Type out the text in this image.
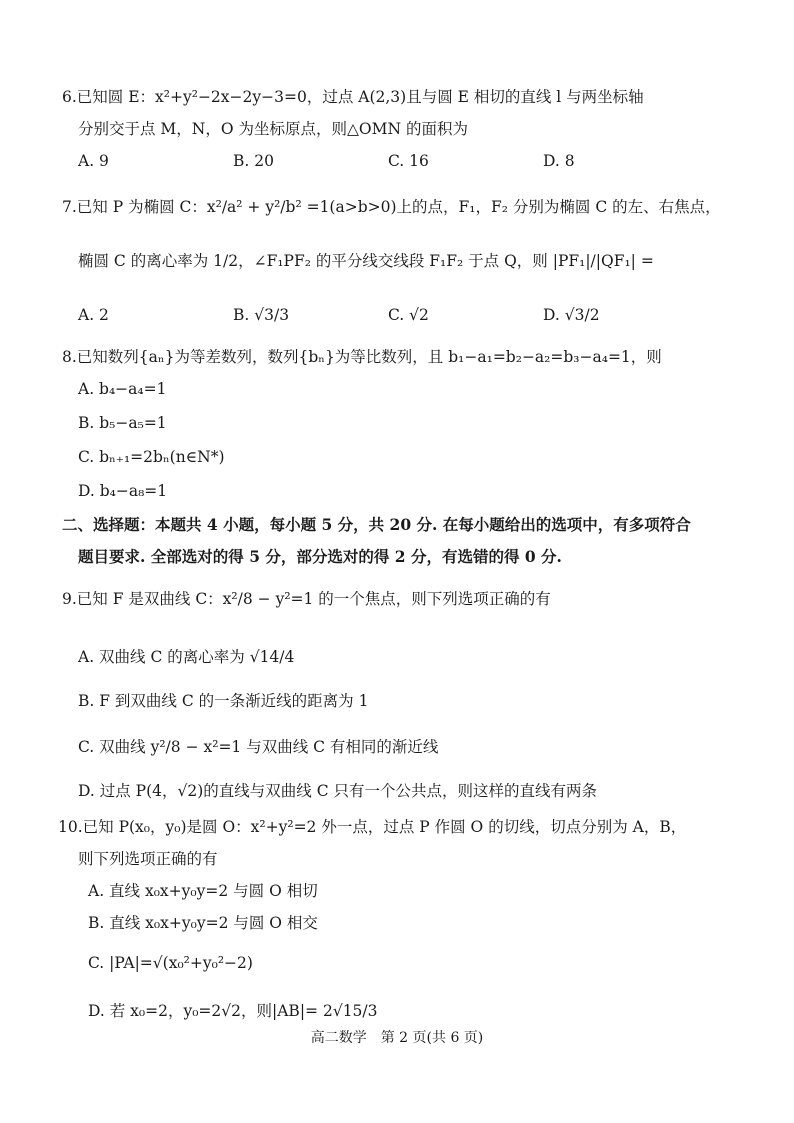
6.已知圆 E：x²+y²−2x−2y−3=0，过点 A(2,3)且与圆 E 相切的直线 l 与两坐标轴
分别交于点 M，N，O 为坐标原点，则△OMN 的面积为
A. 9	B. 20	C. 16	D. 8
7.已知 P 为椭圆 C：x²/a² + y²/b² =1(a>b>0)上的点，F₁，F₂ 分别为椭圆 C 的左、右焦点，
椭圆 C 的离心率为 1/2，∠F₁PF₂ 的平分线交线段 F₁F₂ 于点 Q，则 |PF₁|/|QF₁| =
A. 2	B. √3/3	C. √2	D. √3/2
8.已知数列{aₙ}为等差数列，数列{bₙ}为等比数列，且 b₁−a₁=b₂−a₂=b₃−a₄=1，则
A. b₄−a₄=1
B. b₅−a₅=1
C. bₙ₊₁=2bₙ(n∈N*)
D. b₄−a₈=1
二、选择题：本题共 4 小题，每小题 5 分，共 20 分. 在每小题给出的选项中，有多项符合
题目要求. 全部选对的得 5 分，部分选对的得 2 分，有选错的得 0 分.
9.已知 F 是双曲线 C：x²/8 − y²=1 的一个焦点，则下列选项正确的有
A. 双曲线 C 的离心率为 √14/4
B. F 到双曲线 C 的一条渐近线的距离为 1
C. 双曲线 y²/8 − x²=1 与双曲线 C 有相同的渐近线
D. 过点 P(4，√2)的直线与双曲线 C 只有一个公共点，则这样的直线有两条
10.已知 P(x₀，y₀)是圆 O：x²+y²=2 外一点，过点 P 作圆 O 的切线，切点分别为 A，B，
则下列选项正确的有
A. 直线 x₀x+y₀y=2 与圆 O 相切
B. 直线 x₀x+y₀y=2 与圆 O 相交
C. |PA|=√(x₀²+y₀²−2)
D. 若 x₀=2，y₀=2√2，则|AB|= 2√15/3
高二数学　第 2 页(共 6 页)
